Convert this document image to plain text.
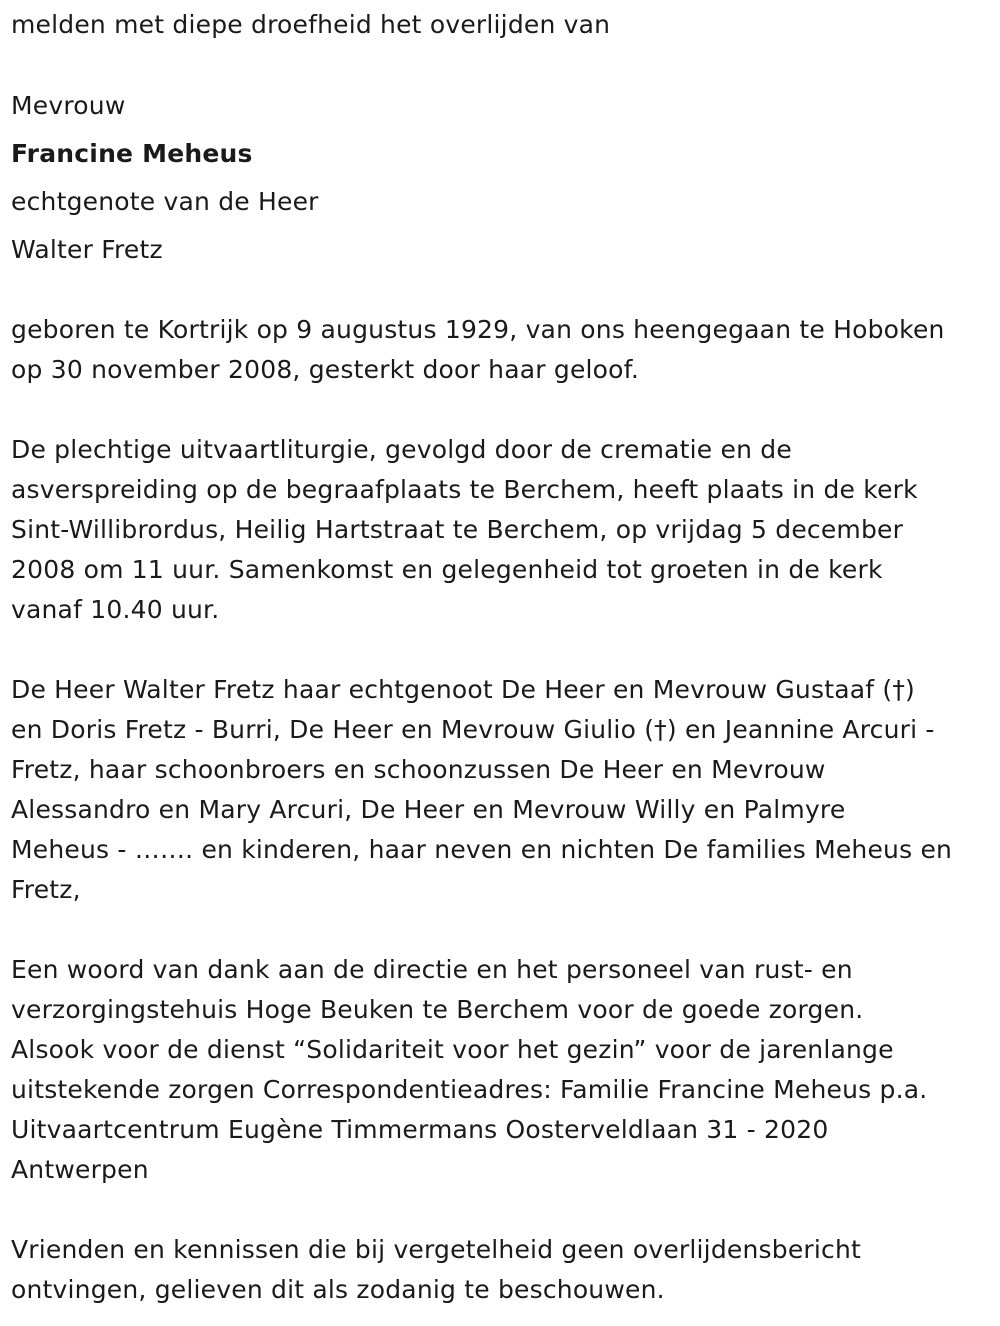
melden met diepe droefheid het overlijden van
Mevrouw
Francine Meheus
echtgenote van de Heer
Walter Fretz
geboren te Kortrijk op 9 augustus 1929, van ons heengegaan te Hoboken
op 30 november 2008, gesterkt door haar geloof.
De plechtige uitvaartliturgie, gevolgd door de crematie en de
asverspreiding op de begraafplaats te Berchem, heeft plaats in de kerk
Sint-Willibrordus, Heilig Hartstraat te Berchem, op vrijdag 5 december
2008 om 11 uur. Samenkomst en gelegenheid tot groeten in de kerk
vanaf 10.40 uur.
De Heer Walter Fretz haar echtgenoot De Heer en Mevrouw Gustaaf (†)
en Doris Fretz - Burri, De Heer en Mevrouw Giulio (†) en Jeannine Arcuri -
Fretz, haar schoonbroers en schoonzussen De Heer en Mevrouw
Alessandro en Mary Arcuri, De Heer en Mevrouw Willy en Palmyre
Meheus - ……. en kinderen, haar neven en nichten De families Meheus en
Fretz,
Een woord van dank aan de directie en het personeel van rust- en
verzorgingstehuis Hoge Beuken te Berchem voor de goede zorgen.
Alsook voor de dienst “Solidariteit voor het gezin” voor de jarenlange
uitstekende zorgen Correspondentieadres: Familie Francine Meheus p.a.
Uitvaartcentrum Eugène Timmermans Oosterveldlaan 31 - 2020
Antwerpen
Vrienden en kennissen die bij vergetelheid geen overlijdensbericht
ontvingen, gelieven dit als zodanig te beschouwen.
